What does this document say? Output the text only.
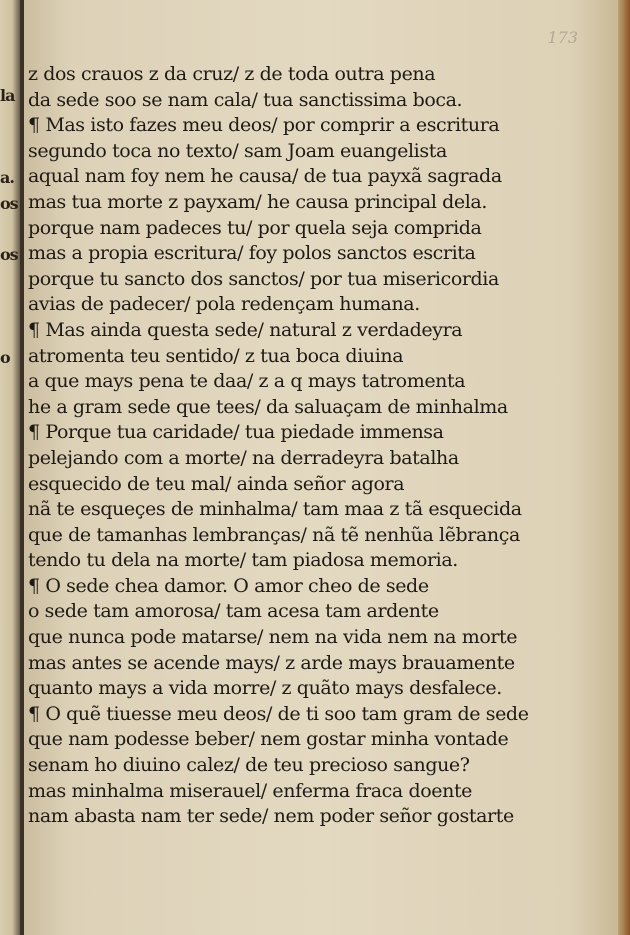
la
a.
os
os
o
173
z dos crauos z da cruz/ z de toda outra pena
da sede soo se nam cala/ tua sanctissima boca.
¶ Mas isto fazes meu deos/ por comprir a escritura
segundo toca no texto/ sam Joam euangelista
aqual nam foy nem he causa/ de tua payxã sagrada
mas tua morte z payxam/ he causa principal dela.
porque nam padeces tu/ por quela seja comprida
mas a propia escritura/ foy polos sanctos escrita
porque tu sancto dos sanctos/ por tua misericordia
avias de padecer/ pola redençam humana.
¶ Mas ainda questa sede/ natural z verdadeyra
atromenta teu sentido/ z tua boca diuina
a que mays pena te daa/ z a q mays tatromenta
he a gram sede que tees/ da saluaçam de minhalma
¶ Porque tua caridade/ tua piedade immensa
pelejando com a morte/ na derradeyra batalha
esquecido de teu mal/ ainda señor agora
nã te esqueçes de minhalma/ tam maa z tã esquecida
que de tamanhas lembranças/ nã tẽ nenhũa lẽbrança
tendo tu dela na morte/ tam piadosa memoria.
¶ O sede chea damor. O amor cheo de sede
o sede tam amorosa/ tam acesa tam ardente
que nunca pode matarse/ nem na vida nem na morte
mas antes se acende mays/ z arde mays brauamente
quanto mays a vida morre/ z quãto mays desfalece.
¶ O quẽ tiuesse meu deos/ de ti soo tam gram de sede
que nam podesse beber/ nem gostar minha vontade
senam ho diuino calez/ de teu precioso sangue?
mas minhalma miserauel/ enferma fraca doente
nam abasta nam ter sede/ nem poder señor gostarte
